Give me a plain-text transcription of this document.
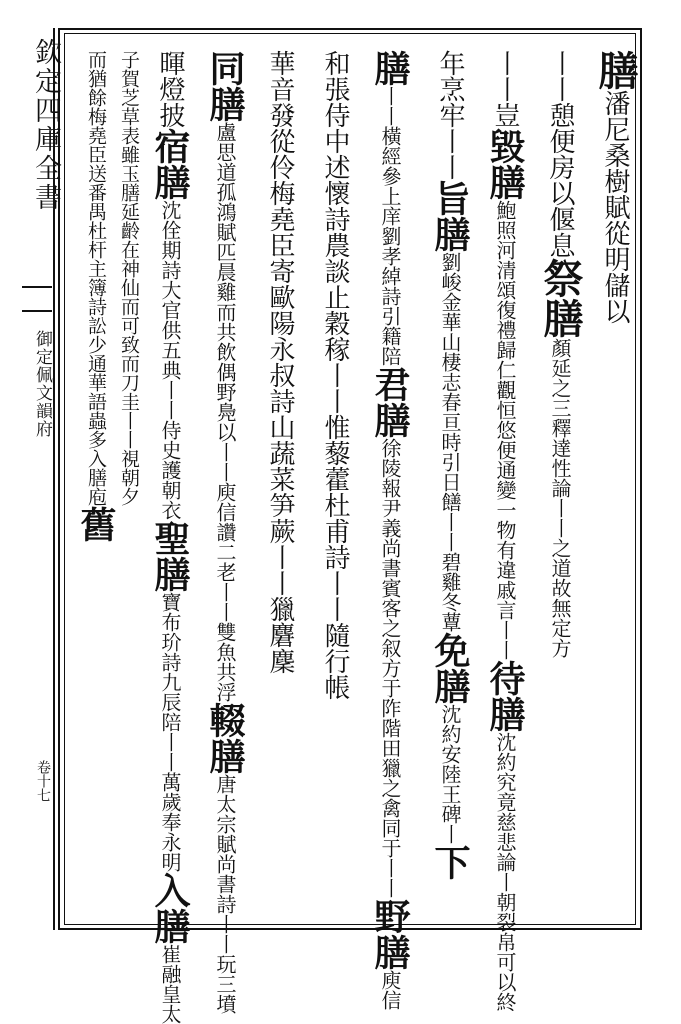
欽定四庫全書
御定佩文韻府
卷十七
膳
潘尼桑樹賦從明儲以
丨丨憩便房以偃息
祭膳
顏延之三釋達性論
丨丨之道故無定方
丨丨豈
毀膳
鮑照河清頌復禮歸仁觀恒
悠便通變一物有違戚言丨丨
待膳
沈約究竟慈悲論
丨朝裂帛可以終
年烹牢丨丨
旨膳
劉峻金華山棲志春
亘時引日
饍丨丨碧雞冬蕈
免膳
沈約安陸王碑丨
下
膳
丨丨橫經參上庠
劉孝綽詩引籍陪
君膳
徐陵報尹義尚書賓客之叙方
于阼階田獵之禽同于丨丨
野膳
庾信
和張侍中述懷詩農談止穀稼丨丨惟藜藿杜甫詩丨丨隨行帳
華音發從伶梅堯臣寄歐陽永叔詩山蔬菜笋蕨丨丨獵麏麇
同膳
盧思道孤鴻賦匹晨雞而共飲偶野鳧
以丨丨庾信讚二老丨丨雙魚共浮
輟膳
唐太宗賦尚書
詩丨丨玩三墳
暉燈披
宿膳
沈佺期詩大官供
五典丨丨侍史護朝衣
聖膳
寶布玠詩九辰陪
丨丨萬歲奉永明
入膳
崔融皇太
子賀芝草表雖玉膳延齡在神仙而可致而刀圭丨丨視朝夕
而猶餘梅堯臣送番禺杜杆主簿詩訟少通華語蟲多入膳庖
舊
